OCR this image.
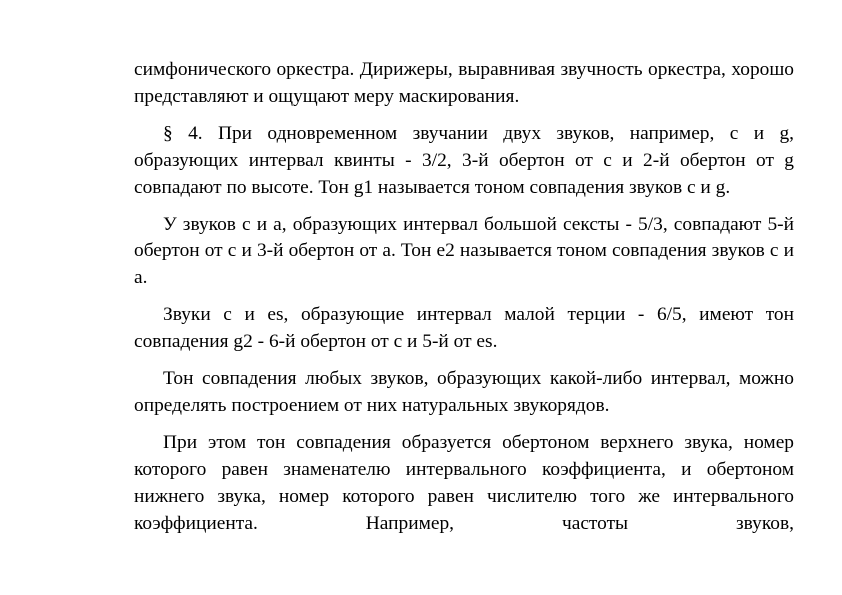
симфонического оркестра. Дирижеры, выравнивая звучность оркестра, хорошо представляют и ощущают меру маскирования.

§ 4. При одновременном звучании двух звуков, например, с и g, образующих интервал квинты - 3/2, 3-й обертон от с и 2-й обертон от g совпадают по высоте. Тон g1 называется тоном совпадения звуков с и g.

У звуков с и а, образующих интервал большой сексты - 5/3, совпадают 5-й обертон от с и 3-й обертон от а. Тон е2 называется тоном совпадения звуков с и а.

Звуки с и es, образующие интервал малой терции - 6/5, имеют тон совпадения g2 - 6-й обертон от с и 5-й от es.

Тон совпадения любых звуков, образующих какой-либо интервал, можно определять построением от них натуральных звукорядов.

При этом тон совпадения образуется обертоном верхнего звука, номер которого равен знаменателю интервального коэффициента, и обертоном нижнего звука, номер которого равен числителю того же интервального коэффициента. Например, частоты звуков,
